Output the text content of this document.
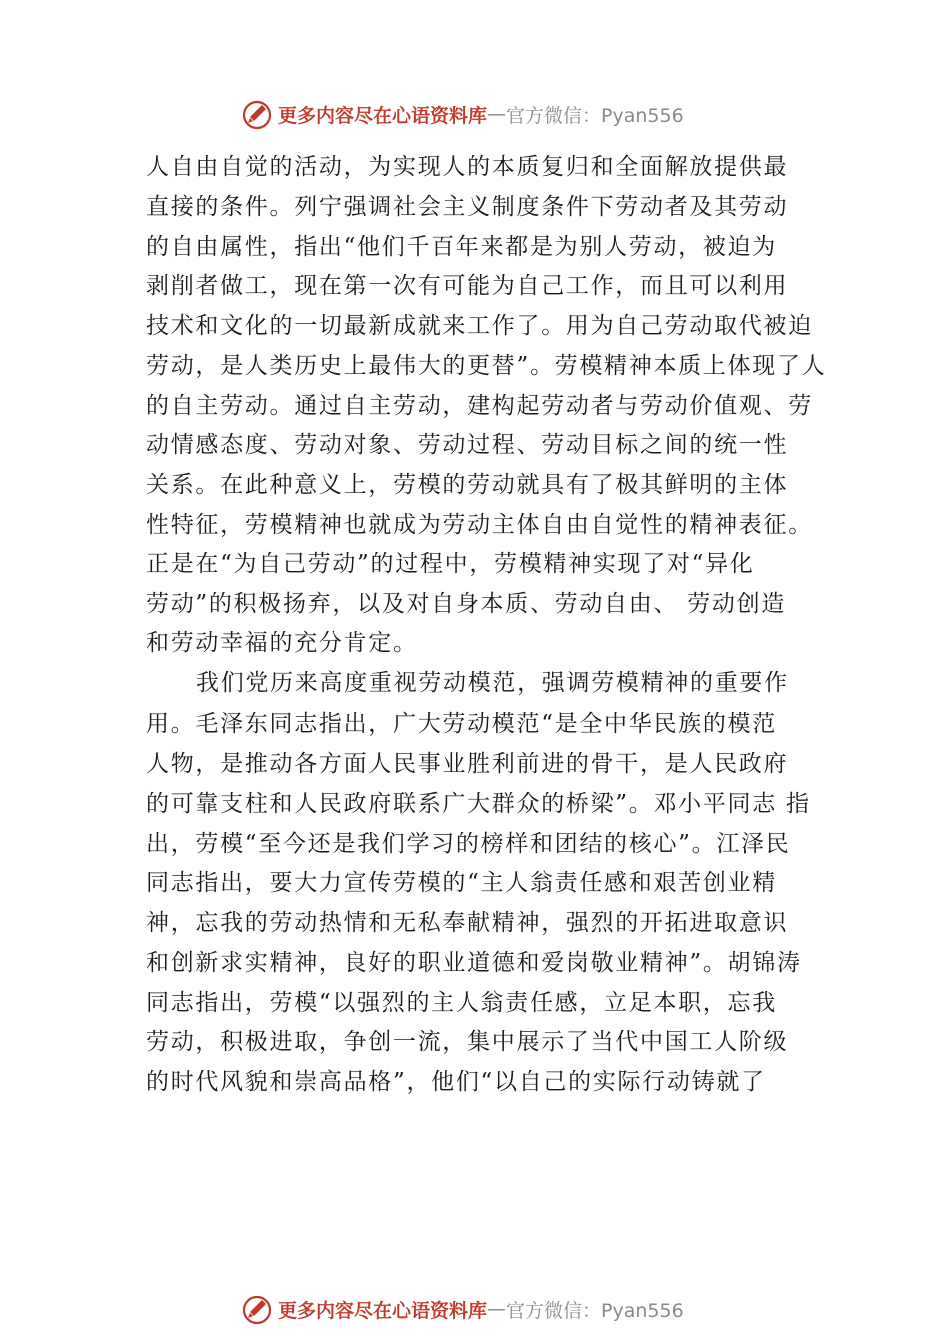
更多内容尽在心语资料库 — 官方微信：Pyan556
人自由自觉的活动，为实现人的本质复归和全面解放提供最
直接的条件。列宁强调社会主义制度条件下劳动者及其劳动
的自由属性，指出“他们千百年来都是为别人劳动，被迫为
剥削者做工，现在第一次有可能为自己工作，而且可以利用
技术和文化的一切最新成就来工作了。用为自己劳动取代被迫
劳动，是人类历史上最伟大的更替”。劳模精神本质上体现了人
的自主劳动。通过自主劳动，建构起劳动者与劳动价值观、劳
动情感态度、劳动对象、劳动过程、劳动目标之间的统一性
关系。在此种意义上，劳模的劳动就具有了极其鲜明的主体
性特征，劳模精神也就成为劳动主体自由自觉性的精神表征。
正是在“为自己劳动”的过程中，劳模精神实现了对“异化
劳动”的积极扬弃，以及对自身本质、劳动自由、 劳动创造
和劳动幸福的充分肯定。
我们党历来高度重视劳动模范，强调劳模精神的重要作
用。毛泽东同志指出，广大劳动模范“是全中华民族的模范
人物，是推动各方面人民事业胜利前进的骨干，是人民政府
的可靠支柱和人民政府联系广大群众的桥梁”。邓小平同志 指
出，劳模“至今还是我们学习的榜样和团结的核心”。江泽民
同志指出，要大力宣传劳模的“主人翁责任感和艰苦创业精
神，忘我的劳动热情和无私奉献精神，强烈的开拓进取意识
和创新求实精神，良好的职业道德和爱岗敬业精神”。胡锦涛
同志指出，劳模“以强烈的主人翁责任感，立足本职，忘我
劳动，积极进取，争创一流，集中展示了当代中国工人阶级
的时代风貌和崇高品格”，他们“以自己的实际行动铸就了
更多内容尽在心语资料库 — 官方微信：Pyan556
